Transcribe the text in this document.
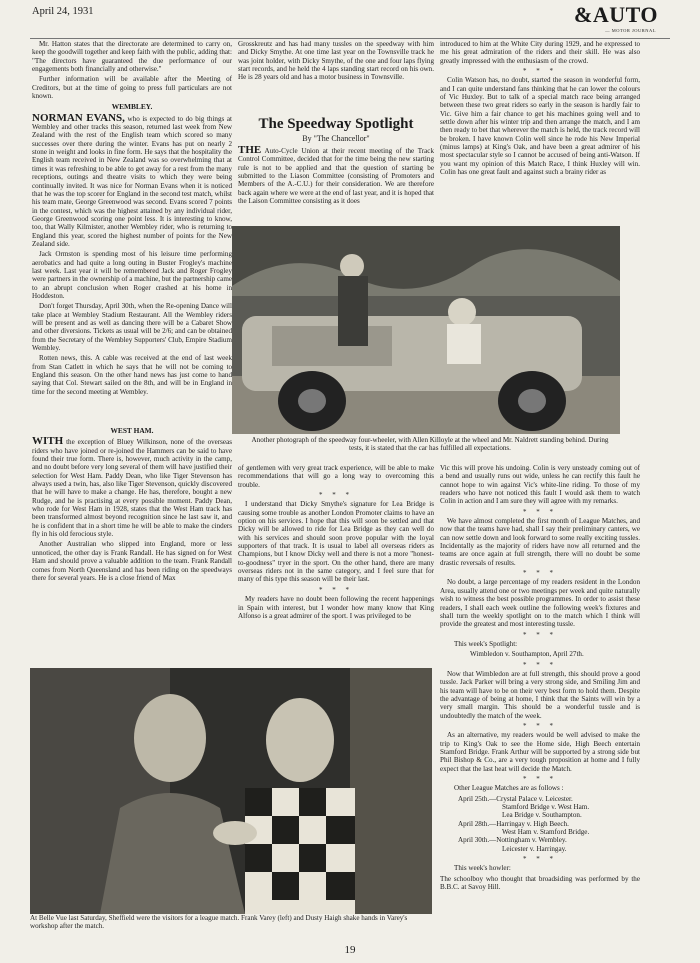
April 24, 1931	&AUTO
— MOTOR JOURNAL

Mr. Hatton states that the directorate are determined to carry on, keep the goodwill together and keep faith with the public, adding that: "The directors have guaranteed the due performance of our engagements both financially and otherwise."

Further information will be available after the Meeting of Creditors, but at the time of going to press full particulars are not known.

WEMBLEY.

NORMAN EVANS, who is expected to do big things at Wembley and other tracks this season, returned last week from New Zealand with the rest of the English team which scored so many successes over there during the winter. Evans has put on nearly 2 stone in weight and looks in fine form. He says that the hospitality the English team received in New Zealand was so overwhelming that at times it was refreshing to be able to get away for a rest from the many receptions, outings and theatre visits to which they were being continually invited. It was nice for Norman Evans when it is noticed that he was the top scorer for England in the second test match, whilst his team mate, George Greenwood was second. Evans scored 7 points in the contest, which was the highest attained by any individual rider, George Greenwood scoring one point less. It is interesting to know, too, that Wally Kilmister, another Wembley rider, who is returning to England this year, scored the highest number of points for the New Zealand side.

Jack Ormston is spending most of his leisure time performing aerobatics and had quite a long outing in Buster Frogley's machine last week. Last year it will be remembered Jack and Roger Frogley were partners in the ownership of a machine, but the partnership came to an abrupt conclusion when Roger crashed at his home in Hoddeston.

Don't forget Thursday, April 30th, when the Re-opening Dance will take place at Wembley Stadium Restaurant. All the Wembley riders will be present and as well as dancing there will be a Cabaret Show and other diversions. Tickets as usual will be 2/6; and can be obtained from the Secretary of the Wembley Supporters' Club, Empire Stadium Wembley.

Rotten news, this. A cable was received at the end of last week from Stan Catlett in which he says that he will not be coming to England this season. On the other hand news has just come to hand saying that Col. Stewart sailed on the 8th, and will be in England in time for the second meeting at Wembley.

WEST HAM.

WITH the exception of Bluey Wilkinson, none of the overseas riders who have joined or re-joined the Hammers can be said to have found their true form. There is, however, much activity in the camp, and no doubt before very long several of them will have justified their selection for West Ham. Paddy Dean, who like Tiger Stevenson has always used a twin, has, also like Tiger Stevenson, quickly discovered that he will have to make a change. He has, therefore, bought a new Rudge, and he is practising at every possible moment. Paddy Dean, who rode for West Ham in 1928, states that the West Ham track has been transformed almost beyond recognition since he last saw it, and he is confident that in a short time he will be able to make the cinders fly in his old ferocious style.

Another Australian who slipped into England, more or less unnoticed, the other day is Frank Randall. He has signed on for West Ham and should prove a valuable addition to the team. Frank Randall comes from North Queensland and has been riding on the speedways there for several years. He is a close friend of Max

Grosskreutz and has had many tussles on the speedway with him and Dicky Smythe. At one time last year on the Townsville track he was joint holder, with Dicky Smythe, of the one and four laps flying start records, and he held the 4 laps standing start record on his own. He is 28 years old and has a motor business in Townsville.

The Speedway Spotlight
By "The Chancellor"

THE Auto-Cycle Union at their recent meeting of the Track Control Committee, decided that for the time being the new starting rule is not to be applied and that the question of starting be submitted to the Liason Committee (consisting of Promoters and Members of the A.-C.U.) for their consideration. We are therefore back again where we were at the end of last year, and it is hoped that the Laison Committee consisting as it does

introduced to him at the White City during 1929, and he expressed to me his great admiration of the riders and their skill. He was also greatly impressed with the enthusiasm of the crowd.

* * *

Colin Watson has, no doubt, started the season in wonderful form, and I can quite understand fans thinking that he can lower the colours of Vic Huxley. But to talk of a special match race being arranged between these two great riders so early in the season is hardly fair to Vic. Give him a fair chance to get his machines going well and to settle down after his winter trip and then arrange the match, and I am then ready to bet that wherever the match is held, the track record will be broken. I have known Colin well since he rode his New Imperial (minus lamps) at King's Oak, and have been a great admirer of his most spectacular style so I cannot be accused of being anti-Watson. If you want my opinion of this Match Race, I think Huxley will win. Colin has one great fault and against such a brainy rider as

Another photograph of the speedway four-wheeler, with Allen Killoyle at the wheel and Mr. Naldrett standing behind. During tests, it is stated that the car has fulfilled all expectations.

of gentlemen with very great track experience, will be able to make recommendations that will go a long way to overcoming this trouble.

* * *

I understand that Dicky Smythe's signature for Lea Bridge is causing some trouble as another London Promoter claims to have an option on his services. I hope that this will soon be settled and that Dicky will be allowed to ride for Lea Bridge as they can well do with his services and should soon prove popular with the loyal supporters of that track. It is usual to label all overseas riders as Champions, but I know Dicky well and there is not a more "honest-to-goodness" tryer in the sport. On the other hand, there are many overseas riders not in the same category, and I feel sure that for many of this type this season will be their last.

* * *

My readers have no doubt been following the recent happenings in Spain with interest, but I wonder how many know that King Alfonso is a great admirer of the sport. I was privileged to be

Vic this will prove his undoing. Colin is very unsteady coming out of a bend and usually runs out wide, unless he can rectify this fault he cannot hope to win against Vic's white-line riding. To those of my readers who have not noticed this fault I would ask them to watch Colin in action and I am sure they will agree with my remarks.

* * *

We have almost completed the first month of League Matches, and now that the teams have had, shall I say their preliminary canters, we can now settle down and look forward to some really exciting tussles. Incidentally as the majority of riders have now all returned and the teams are once again at full strength, there will no doubt be some drastic reversals of results.

* * *

No doubt, a large percentage of my readers resident in the London Area, usually attend one or two meetings per week and quite naturally wish to witness the best possible programmes. In order to assist these readers, I shall each week outline the following week's fixtures and shall turn the weekly spotlight on to the match which I think will provide the greatest and most interesting tussle.

* * *

This week's Spotlight:

Wimbledon v. Southampton, April 27th.

* * *

Now that Wimbledon are at full strength, this should prove a good tussle. Jack Parker will bring a very strong side, and Smiling Jim and his team will have to be on their very best form to hold them. Despite the advantage of being at home, I think that the Saints will win by a very small margin. This should be a wonderful tussle and is undoubtedly the match of the week.

* * *

As an alternative, my readers would be well advised to make the trip to King's Oak to see the Home side, High Beech entertain Stamford Bridge. Frank Arthur will be supported by a strong side but Phil Bishop & Co., are a very tough proposition at home and I fully expect that the last heat will decide the Match.

* * *

Other League Matches are as follows :

April 25th.—Crystal Palace v. Leicester.

Stamford Bridge v. West Ham.

Lea Bridge v. Southampton.

April 28th.—Harringay v. High Beech.

West Ham v. Stamford Bridge.

April 30th.—Nottingham v. Wembley.

Leicester v. Harringay.

* * *

This week's howler:

The schoolboy who thought that broadsiding was performed by the B.B.C. at Savoy Hill.

At Belle Vue last Saturday, Sheffield were the visitors for a league match. Frank Varey (left) and Dusty Haigh shake hands in Varey's workshop after the match.
19
